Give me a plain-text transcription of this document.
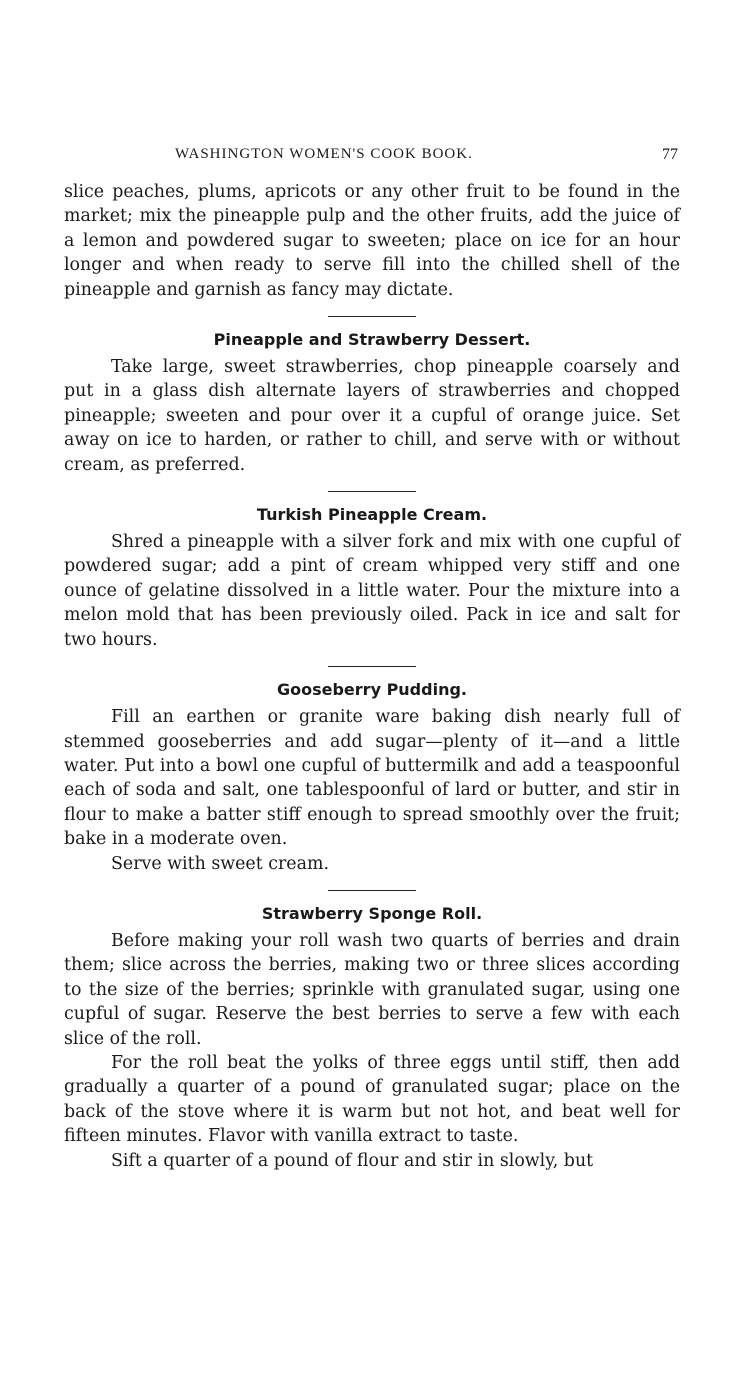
WASHINGTON WOMEN'S COOK BOOK.	77

slice peaches, plums, apricots or any other fruit to be found in the market; mix the pineapple pulp and the other fruits, add the juice of a lemon and powdered sugar to sweeten; place on ice for an hour longer and when ready to serve fill into the chilled shell of the pineapple and garnish as fancy may dictate.

Pineapple and Strawberry Dessert.

Take large, sweet strawberries, chop pineapple coarsely and put in a glass dish alternate layers of strawberries and chopped pineapple; sweeten and pour over it a cupful of orange juice. Set away on ice to harden, or rather to chill, and serve with or without cream, as preferred.

Turkish Pineapple Cream.

Shred a pineapple with a silver fork and mix with one cupful of powdered sugar; add a pint of cream whipped very stiff and one ounce of gelatine dissolved in a little water. Pour the mixture into a melon mold that has been previously oiled. Pack in ice and salt for two hours.

Gooseberry Pudding.

Fill an earthen or granite ware baking dish nearly full of stemmed gooseberries and add sugar—plenty of it—and a little water. Put into a bowl one cupful of buttermilk and add a teaspoonful each of soda and salt, one tablespoonful of lard or butter, and stir in flour to make a batter stiff enough to spread smoothly over the fruit; bake in a moderate oven.

Serve with sweet cream.

Strawberry Sponge Roll.

Before making your roll wash two quarts of berries and drain them; slice across the berries, making two or three slices according to the size of the berries; sprinkle with granulated sugar, using one cupful of sugar. Reserve the best berries to serve a few with each slice of the roll.

For the roll beat the yolks of three eggs until stiff, then add gradually a quarter of a pound of granulated sugar; place on the back of the stove where it is warm but not hot, and beat well for fifteen minutes. Flavor with vanilla extract to taste.

Sift a quarter of a pound of flour and stir in slowly, but
